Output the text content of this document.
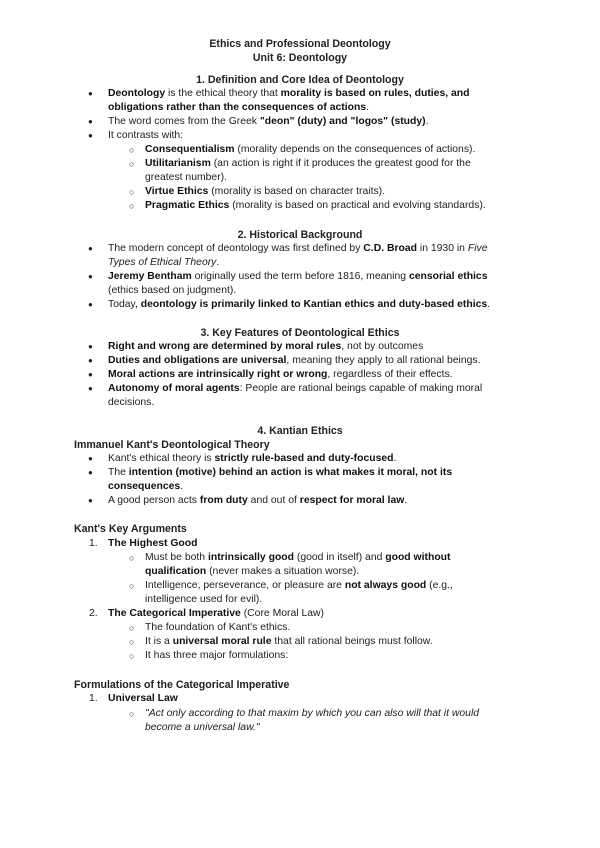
Ethics and Professional Deontology
Unit 6: Deontology
1. Definition and Core Idea of Deontology
● Deontology is the ethical theory that morality is based on rules, duties, and
obligations rather than the consequences of actions.
● The word comes from the Greek "deon" (duty) and "logos" (study).
● It contrasts with:
○ Consequentialism (morality depends on the consequences of actions).
○ Utilitarianism (an action is right if it produces the greatest good for the
greatest number).
○ Virtue Ethics (morality is based on character traits).
○ Pragmatic Ethics (morality is based on practical and evolving standards).
2. Historical Background
● The modern concept of deontology was first defined by C.D. Broad in 1930 in Five
Types of Ethical Theory.
● Jeremy Bentham originally used the term before 1816, meaning censorial ethics
(ethics based on judgment).
● Today, deontology is primarily linked to Kantian ethics and duty-based ethics.
3. Key Features of Deontological Ethics
● Right and wrong are determined by moral rules, not by outcomes
● Duties and obligations are universal, meaning they apply to all rational beings.
● Moral actions are intrinsically right or wrong, regardless of their effects.
● Autonomy of moral agents: People are rational beings capable of making moral
decisions.
4. Kantian Ethics
Immanuel Kant's Deontological Theory
● Kant's ethical theory is strictly rule-based and duty-focused.
● The intention (motive) behind an action is what makes it moral, not its
consequences.
● A good person acts from duty and out of respect for moral law.
Kant's Key Arguments
1. The Highest Good
○ Must be both intrinsically good (good in itself) and good without
qualification (never makes a situation worse).
○ Intelligence, perseverance, or pleasure are not always good (e.g.,
intelligence used for evil).
2. The Categorical Imperative (Core Moral Law)
○ The foundation of Kant's ethics.
○ It is a universal moral rule that all rational beings must follow.
○ It has three major formulations:
Formulations of the Categorical Imperative
1. Universal Law
○ "Act only according to that maxim by which you can also will that it would
become a universal law."
